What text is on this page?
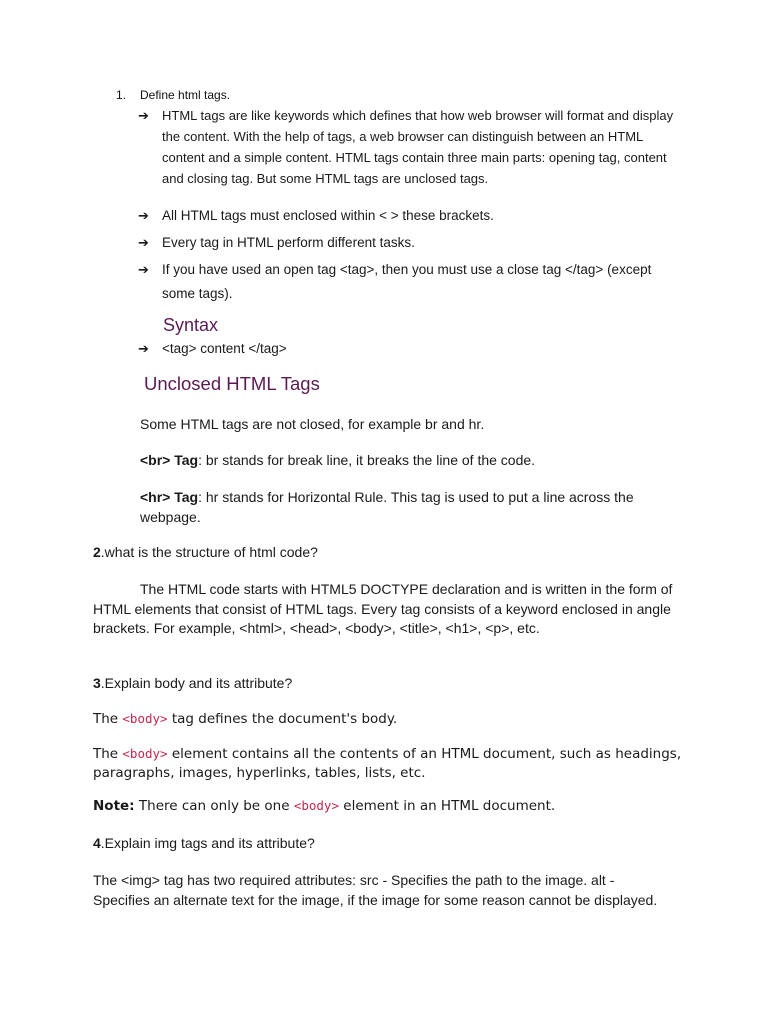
1. Define html tags.

➔ HTML tags are like keywords which defines that how web browser will format and display the content. With the help of tags, a web browser can distinguish between an HTML content and a simple content. HTML tags contain three main parts: opening tag, content and closing tag. But some HTML tags are unclosed tags.
➔ All HTML tags must enclosed within < > these brackets.
➔ Every tag in HTML perform different tasks.
➔ If you have used an open tag <tag>, then you must use a close tag </tag> (except some tags).
Syntax
➔ <tag> content </tag>
Unclosed HTML Tags

Some HTML tags are not closed, for example br and hr.

<br> Tag: br stands for break line, it breaks the line of the code.

<hr> Tag: hr stands for Horizontal Rule. This tag is used to put a line across the webpage.

2.what is the structure of html code?

The HTML code starts with HTML5 DOCTYPE declaration and is written in the form of HTML elements that consist of HTML tags. Every tag consists of a keyword enclosed in angle brackets. For example, <html>, <head>, <body>, <title>, <h1>, <p>, etc.

3.Explain body and its attribute?

The <body> tag defines the document's body.

The <body> element contains all the contents of an HTML document, such as headings, paragraphs, images, hyperlinks, tables, lists, etc.

Note: There can only be one <body> element in an HTML document.

4.Explain img tags and its attribute?

The <img> tag has two required attributes: src - Specifies the path to the image. alt - Specifies an alternate text for the image, if the image for some reason cannot be displayed.
